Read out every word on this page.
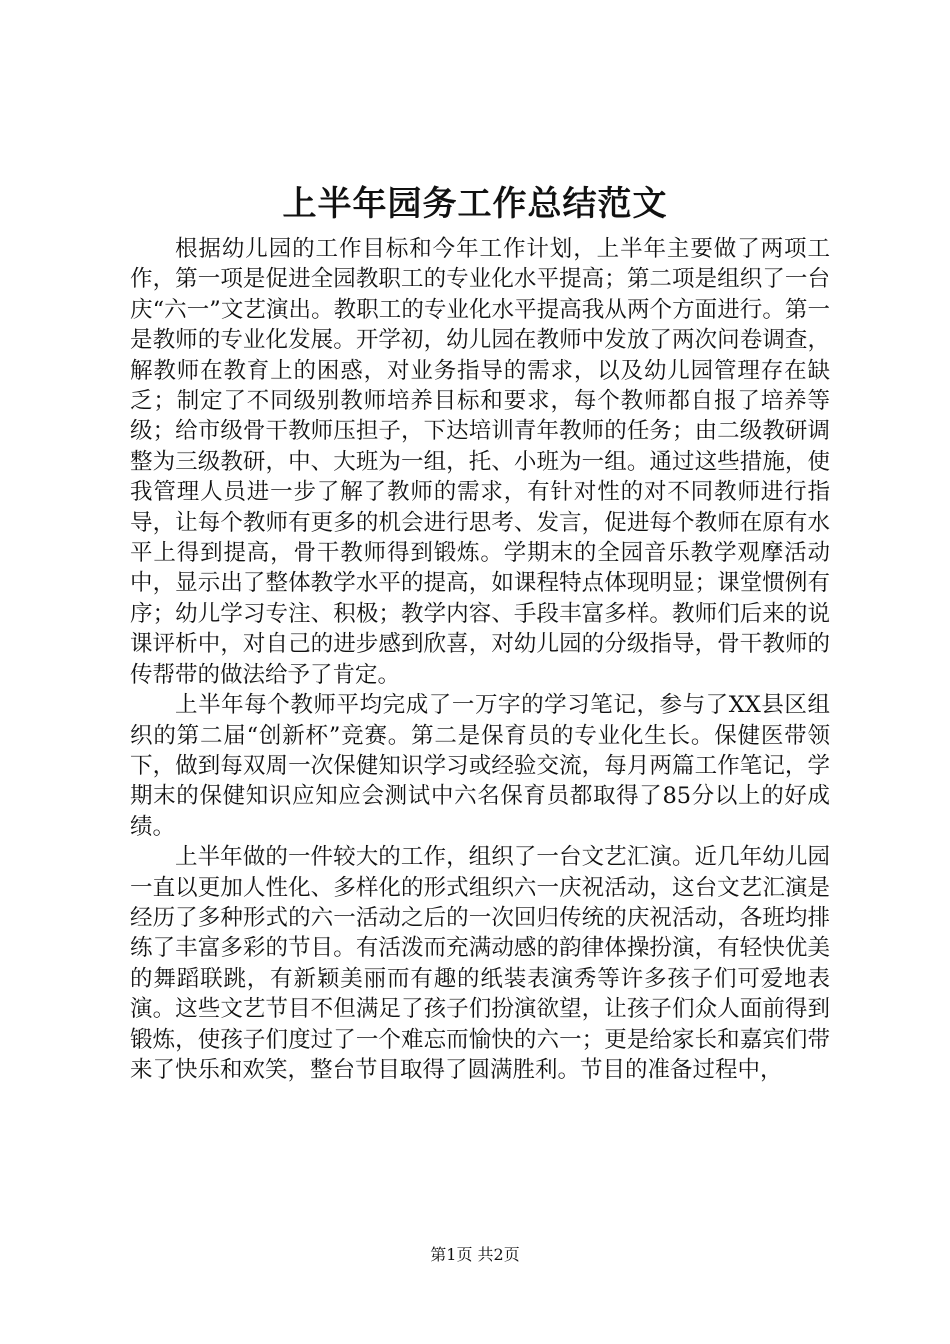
上半年园务工作总结范文

根据幼儿园的工作目标和今年工作计划，上半年主要做了两项工作，第一项是促进全园教职工的专业化水平提高；第二项是组织了一台庆“六一”文艺演出。教职工的专业化水平提高我从两个方面进行。第一是教师的专业化发展。开学初，幼儿园在教师中发放了两次问卷调查，解教师在教育上的困惑，对业务指导的需求，以及幼儿园管理存在缺乏；制定了不同级别教师培养目标和要求，每个教师都自报了培养等级；给市级骨干教师压担子，下达培训青年教师的任务；由二级教研调整为三级教研，中、大班为一组，托、小班为一组。通过这些措施，使我管理人员进一步了解了教师的需求，有针对性的对不同教师进行指导，让每个教师有更多的机会进行思考、发言，促进每个教师在原有水平上得到提高，骨干教师得到锻炼。学期末的全园音乐教学观摩活动中，显示出了整体教学水平的提高，如课程特点体现明显；课堂惯例有序；幼儿学习专注、积极；教学内容、手段丰富多样。教师们后来的说课评析中，对自己的进步感到欣喜，对幼儿园的分级指导，骨干教师的传帮带的做法给予了肯定。

上半年每个教师平均完成了一万字的学习笔记，参与了XX县区组织的第二届“创新杯”竞赛。第二是保育员的专业化生长。保健医带领下，做到每双周一次保健知识学习或经验交流，每月两篇工作笔记，学期末的保健知识应知应会测试中六名保育员都取得了85分以上的好成绩。

上半年做的一件较大的工作，组织了一台文艺汇演。近几年幼儿园一直以更加人性化、多样化的形式组织六一庆祝活动，这台文艺汇演是经历了多种形式的六一活动之后的一次回归传统的庆祝活动，各班均排练了丰富多彩的节目。有活泼而充满动感的韵律体操扮演，有轻快优美的舞蹈联跳，有新颖美丽而有趣的纸装表演秀等许多孩子们可爱地表演。这些文艺节目不但满足了孩子们扮演欲望，让孩子们众人面前得到锻炼，使孩子们度过了一个难忘而愉快的六一；更是给家长和嘉宾们带来了快乐和欢笑，整台节目取得了圆满胜利。节目的准备过程中，

第1页 共2页
